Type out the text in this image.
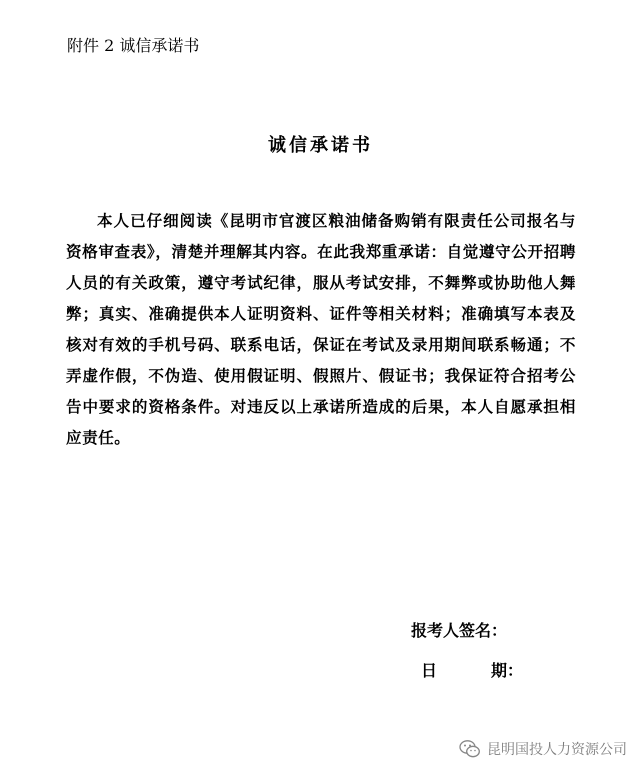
附件 2 诚信承诺书
诚信承诺书

本人已仔细阅读《昆明市官渡区粮油储备购销有限责任公司报名与资格审查表》，清楚并理解其内容。在此我郑重承诺：自觉遵守公开招聘人员的有关政策，遵守考试纪律，服从考试安排，不舞弊或协助他人舞弊；真实、准确提供本人证明资料、证件等相关材料；准确填写本表及核对有效的手机号码、联系电话，保证在考试及录用期间联系畅通；不弄虚作假，不伪造、使用假证明、假照片、假证书；我保证符合招考公告中要求的资格条件。对违反以上承诺所造成的后果，本人自愿承担相应责任。

报考人签名：
日	期：
昆明国投人力资源公司
